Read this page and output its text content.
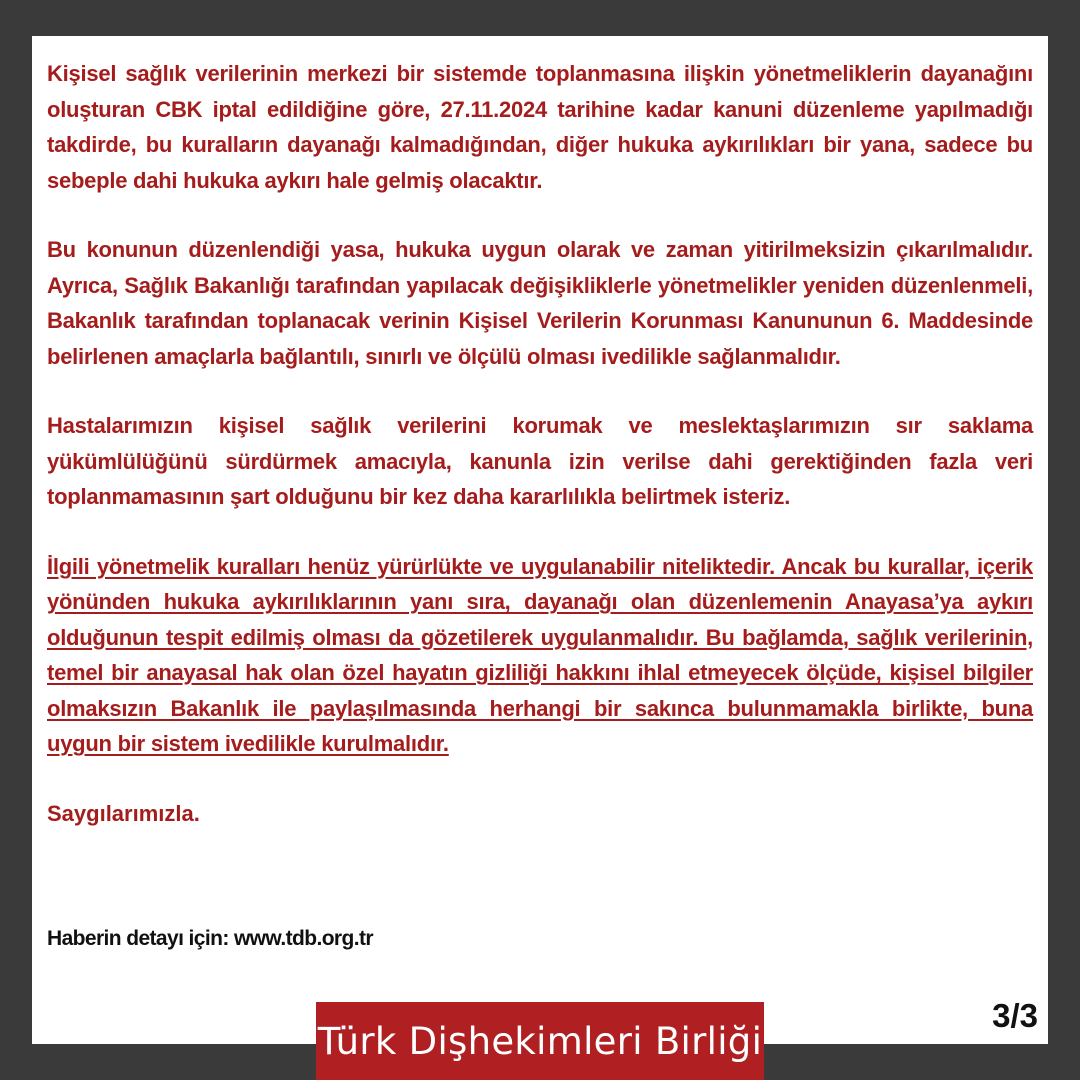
Kişisel sağlık verilerinin merkezi bir sistemde toplanmasına ilişkin yönetmeliklerin dayanağını oluşturan CBK iptal edildiğine göre, 27.11.2024 tarihine kadar kanuni düzenleme yapılmadığı takdirde, bu kuralların dayanağı kalmadığından, diğer hukuka aykırılıkları bir yana, sadece bu sebeple dahi hukuka aykırı hale gelmiş olacaktır.

Bu konunun düzenlendiği yasa, hukuka uygun olarak ve zaman yitirilmeksizin çıkarılmalıdır. Ayrıca, Sağlık Bakanlığı tarafından yapılacak değişikliklerle yönetmelikler yeniden düzenlenmeli, Bakanlık tarafından toplanacak verinin Kişisel Verilerin Korunması Kanununun 6. Maddesinde belirlenen amaçlarla bağlantılı, sınırlı ve ölçülü olması ivedilikle sağlanmalıdır.

Hastalarımızın kişisel sağlık verilerini korumak ve meslektaşlarımızın sır saklama yükümlülüğünü sürdürmek amacıyla, kanunla izin verilse dahi gerektiğinden fazla veri toplanmamasının şart olduğunu bir kez daha kararlılıkla belirtmek isteriz.

İlgili yönetmelik kuralları henüz yürürlükte ve uygulanabilir niteliktedir. Ancak bu kurallar, içerik yönünden hukuka aykırılıklarının yanı sıra, dayanağı olan düzenlemenin Anayasa’ya aykırı olduğunun tespit edilmiş olması da gözetilerek uygulanmalıdır. Bu bağlamda, sağlık verilerinin, temel bir anayasal hak olan özel hayatın gizliliği hakkını ihlal etmeyecek ölçüde, kişisel bilgiler olmaksızın Bakanlık ile paylaşılmasında herhangi bir sakınca bulunmamakla birlikte, buna uygun bir sistem ivedilikle kurulmalıdır.

Saygılarımızla.

Haberin detayı için: www.tdb.org.tr

3/3
Türk Dişhekimleri Birliği
